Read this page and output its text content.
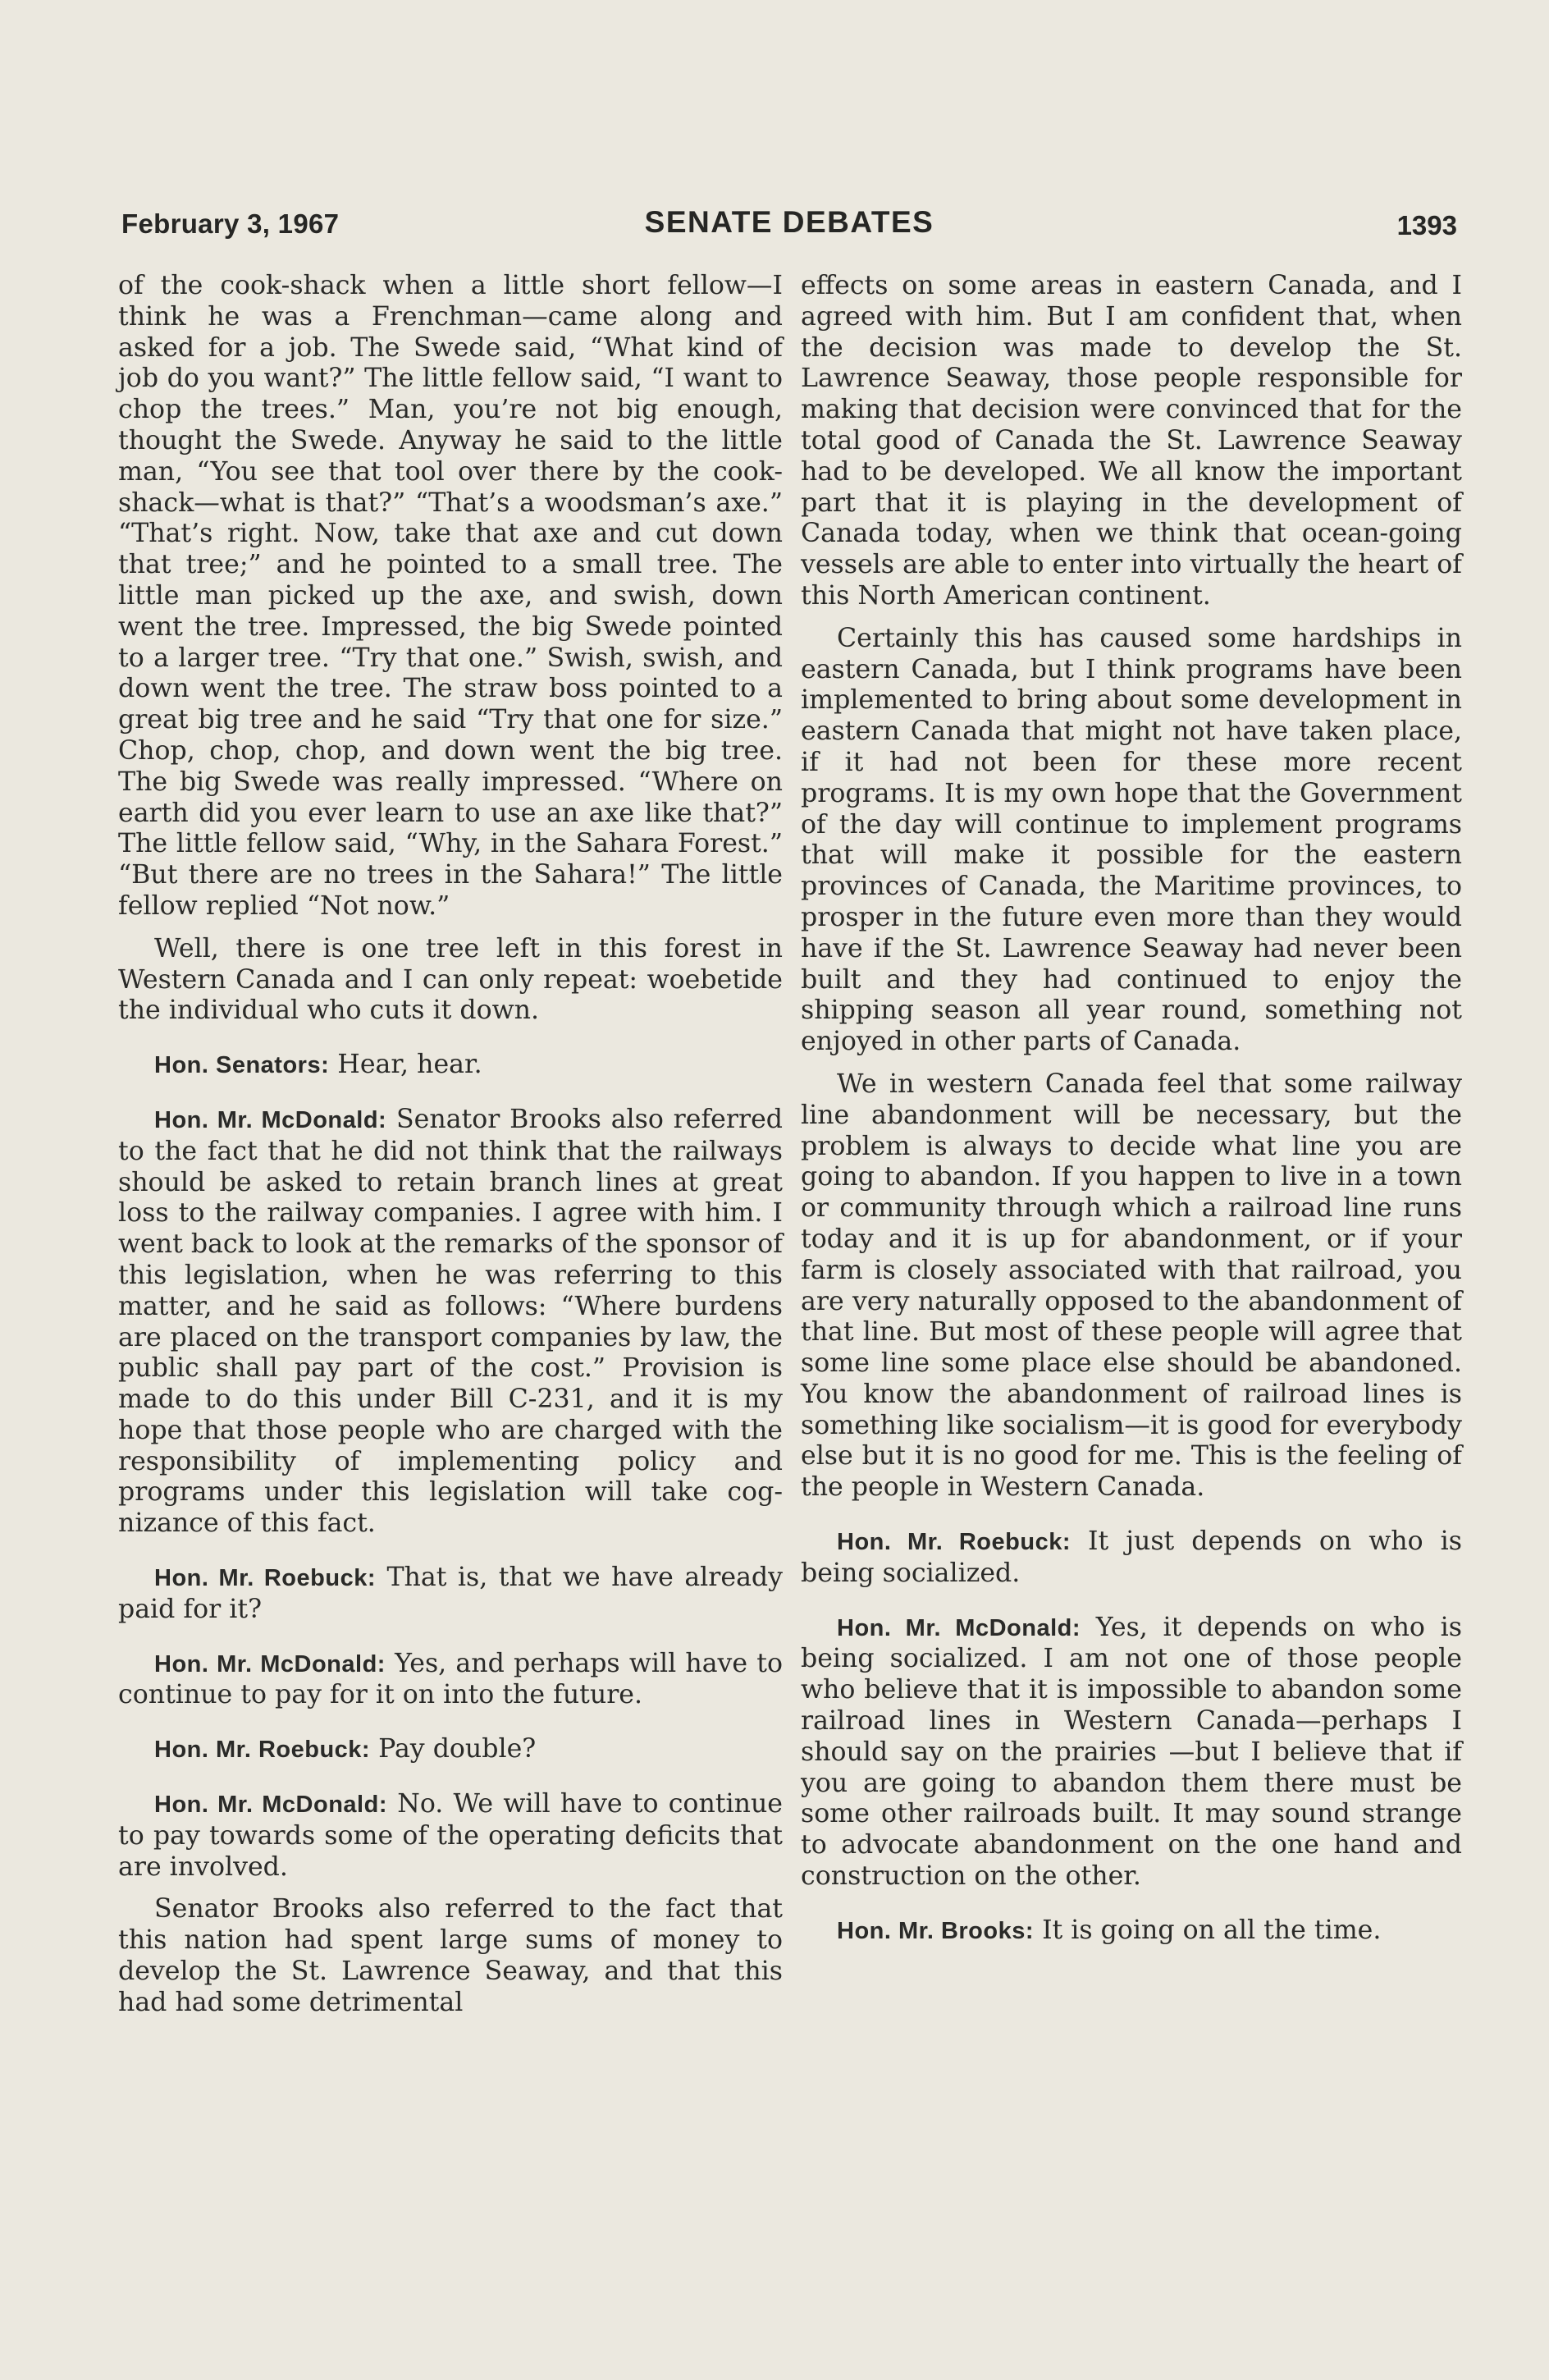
February 3, 1967	SENATE DEBATES	1393

of the cook-shack when a little short fellow—I think he was a Frenchman—came along and asked for a job. The Swede said, “What kind of job do you want?” The little fellow said, “I want to chop the trees.” Man, you’re not big enough, thought the Swede. Anyway he said to the little man, “You see that tool over there by the cook-shack—what is that?” “That’s a woodsman’s axe.” “That’s right. Now, take that axe and cut down that tree;” and he pointed to a small tree. The little man picked up the axe, and swish, down went the tree. Impressed, the big Swede pointed to a larger tree. “Try that one.” Swish, swish, and down went the tree. The straw boss pointed to a great big tree and he said “Try that one for size.” Chop, chop, chop, and down went the big tree. The big Swede was really impressed. “Where on earth did you ever learn to use an axe like that?” The little fellow said, “Why, in the Sahara Forest.” “But there are no trees in the Sahara!” The little fellow replied “Not now.”

Well, there is one tree left in this forest in Western Canada and I can only repeat: woebetide the individual who cuts it down.

Hon. Senators: Hear, hear.

Hon. Mr. McDonald: Senator Brooks also referred to the fact that he did not think that the railways should be asked to retain branch lines at great loss to the railway companies. I agree with him. I went back to look at the remarks of the sponsor of this legislation, when he was referring to this matter, and he said as follows: “Where burdens are placed on the transport companies by law, the public shall pay part of the cost.” Provision is made to do this under Bill C-231, and it is my hope that those people who are charged with the responsibility of implementing policy and programs under this legislation will take cognizance of this fact.

Hon. Mr. Roebuck: That is, that we have already paid for it?

Hon. Mr. McDonald: Yes, and perhaps will have to continue to pay for it on into the future.

Hon. Mr. Roebuck: Pay double?

Hon. Mr. McDonald: No. We will have to continue to pay towards some of the operating deficits that are involved.

Senator Brooks also referred to the fact that this nation had spent large sums of money to develop the St. Lawrence Seaway, and that this had had some detrimental

effects on some areas in eastern Canada, and I agreed with him. But I am confident that, when the decision was made to develop the St. Lawrence Seaway, those people responsible for making that decision were convinced that for the total good of Canada the St. Lawrence Seaway had to be developed. We all know the important part that it is playing in the development of Canada today, when we think that ocean-going vessels are able to enter into virtually the heart of this North American continent.

Certainly this has caused some hardships in eastern Canada, but I think programs have been implemented to bring about some development in eastern Canada that might not have taken place, if it had not been for these more recent programs. It is my own hope that the Government of the day will continue to implement programs that will make it possible for the eastern provinces of Canada, the Maritime provinces, to prosper in the future even more than they would have if the St. Lawrence Seaway had never been built and they had continued to enjoy the shipping season all year round, something not enjoyed in other parts of Canada.

We in western Canada feel that some railway line abandonment will be necessary, but the problem is always to decide what line you are going to abandon. If you happen to live in a town or community through which a railroad line runs today and it is up for abandonment, or if your farm is closely associated with that railroad, you are very naturally opposed to the abandonment of that line. But most of these people will agree that some line some place else should be abandoned. You know the abandonment of railroad lines is something like socialism—it is good for everybody else but it is no good for me. This is the feeling of the people in Western Canada.

Hon. Mr. Roebuck: It just depends on who is being socialized.

Hon. Mr. McDonald: Yes, it depends on who is being socialized. I am not one of those people who believe that it is impossible to abandon some railroad lines in Western Canada—perhaps I should say on the prairies —but I believe that if you are going to abandon them there must be some other railroads built. It may sound strange to advocate abandonment on the one hand and construction on the other.

Hon. Mr. Brooks: It is going on all the time.
